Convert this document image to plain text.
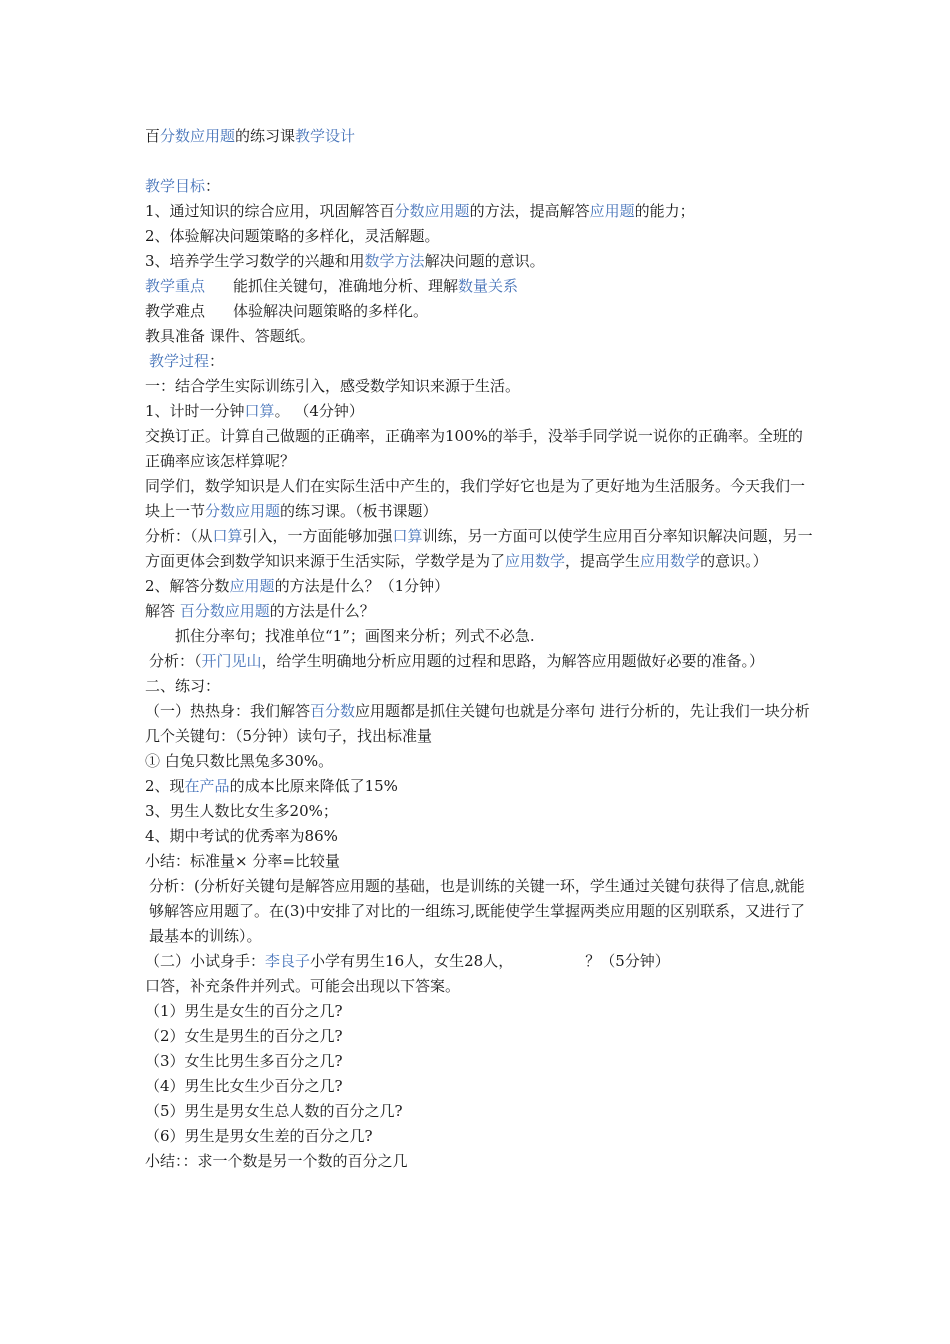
百分数应用题的练习课教学设计

教学目标：

1、通过知识的综合应用，巩固解答百分数应用题的方法，提高解答应用题的能力；

2、体验解决问题策略的多样化，灵活解题。

3、培养学生学习数学的兴趣和用数学方法解决问题的意识。

教学重点 能抓住关键句，准确地分析、理解数量关系

教学难点 体验解决问题策略的多样化。

教具准备 课件、答题纸。

教学过程：

一：结合学生实际训练引入，感受数学知识来源于生活。

1、计时一分钟口算。 （4分钟）

交换订正。计算自己做题的正确率，正确率为100%的举手，没举手同学说一说你的正确率。全班的正确率应该怎样算呢？

同学们，数学知识是人们在实际生活中产生的，我们学好它也是为了更好地为生活服务。今天我们一块上一节分数应用题的练习课。（板书课题）

分析：（从口算引入，一方面能够加强口算训练，另一方面可以使学生应用百分率知识解决问题，另一方面更体会到数学知识来源于生活实际，学数学是为了应用数学，提高学生应用数学的意识。）

2、解答分数应用题的方法是什么？（1分钟）

解答 百分数应用题的方法是什么？

抓住分率句；找准单位“1”；画图来分析；列式不必急.

分析：（开门见山，给学生明确地分析应用题的过程和思路，为解答应用题做好必要的准备。）

二、练习：

（一）热热身：我们解答百分数应用题都是抓住关键句也就是分率句 进行分析的，先让我们一块分析几个关键句：（5分钟）读句子，找出标准量

① 白兔只数比黑兔多30%。

2、现在产品的成本比原来降低了15%

3、男生人数比女生多20%；

4、期中考试的优秀率为86%

小结：标准量× 分率=比较量

分析：(分析好关键句是解答应用题的基础，也是训练的关键一环，学生通过关键句获得了信息,就能够解答应用题了。在(3)中安排了对比的一组练习,既能使学生掌握两类应用题的区别联系，又进行了最基本的训练）。

（二）小试身手：李良子小学有男生16人，女生28人，	？（5分钟）

口答，补充条件并列式。可能会出现以下答案。

（1）男生是女生的百分之几?

（2）女生是男生的百分之几?

（3）女生比男生多百分之几?

（4）男生比女生少百分之几?

（5）男生是男女生总人数的百分之几?

（6）男生是男女生差的百分之几?

小结：：求一个数是另一个数的百分之几
